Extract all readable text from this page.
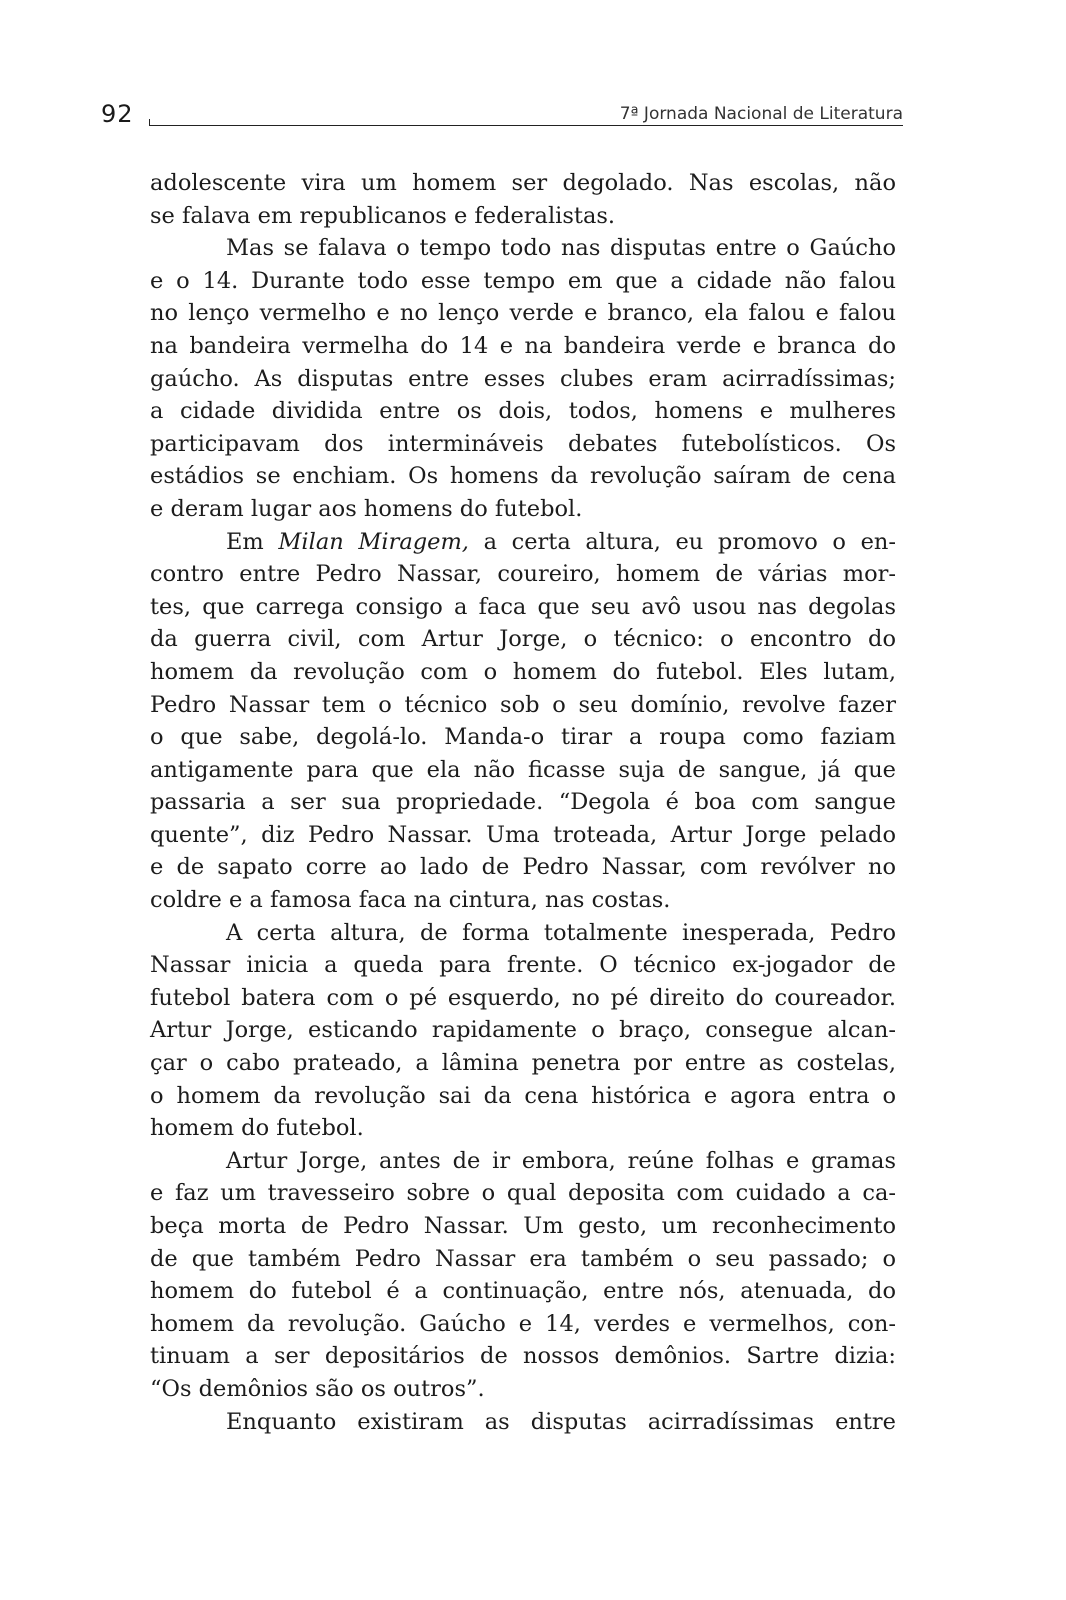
92	7ª Jornada Nacional de Literatura
adolescente vira um homem ser degolado. Nas escolas, não
se falava em republicanos e federalistas.
Mas se falava o tempo todo nas disputas entre o Gaúcho
e o 14. Durante todo esse tempo em que a cidade não falou
no lenço vermelho e no lenço verde e branco, ela falou e falou
na bandeira vermelha do 14 e na bandeira verde e branca do
gaúcho. As disputas entre esses clubes eram acirradíssimas;
a cidade dividida entre os dois, todos, homens e mulheres
participavam dos intermináveis debates futebolísticos. Os
estádios se enchiam. Os homens da revolução saíram de cena
e deram lugar aos homens do futebol.
Em Milan Miragem, a certa altura, eu promovo o en-
contro entre Pedro Nassar, coureiro, homem de várias mor-
tes, que carrega consigo a faca que seu avô usou nas degolas
da guerra civil, com Artur Jorge, o técnico: o encontro do
homem da revolução com o homem do futebol. Eles lutam,
Pedro Nassar tem o técnico sob o seu domínio, revolve fazer
o que sabe, degolá-lo. Manda-o tirar a roupa como faziam
antigamente para que ela não ficasse suja de sangue, já que
passaria a ser sua propriedade. “Degola é boa com sangue
quente”, diz Pedro Nassar. Uma troteada, Artur Jorge pelado
e de sapato corre ao lado de Pedro Nassar, com revólver no
coldre e a famosa faca na cintura, nas costas.
A certa altura, de forma totalmente inesperada, Pedro
Nassar inicia a queda para frente. O técnico ex-jogador de
futebol batera com o pé esquerdo, no pé direito do coureador.
Artur Jorge, esticando rapidamente o braço, consegue alcan-
çar o cabo prateado, a lâmina penetra por entre as costelas,
o homem da revolução sai da cena histórica e agora entra o
homem do futebol.
Artur Jorge, antes de ir embora, reúne folhas e gramas
e faz um travesseiro sobre o qual deposita com cuidado a ca-
beça morta de Pedro Nassar. Um gesto, um reconhecimento
de que também Pedro Nassar era também o seu passado; o
homem do futebol é a continuação, entre nós, atenuada, do
homem da revolução. Gaúcho e 14, verdes e vermelhos, con-
tinuam a ser depositários de nossos demônios. Sartre dizia:
“Os demônios são os outros”.
Enquanto existiram as disputas acirradíssimas entre
